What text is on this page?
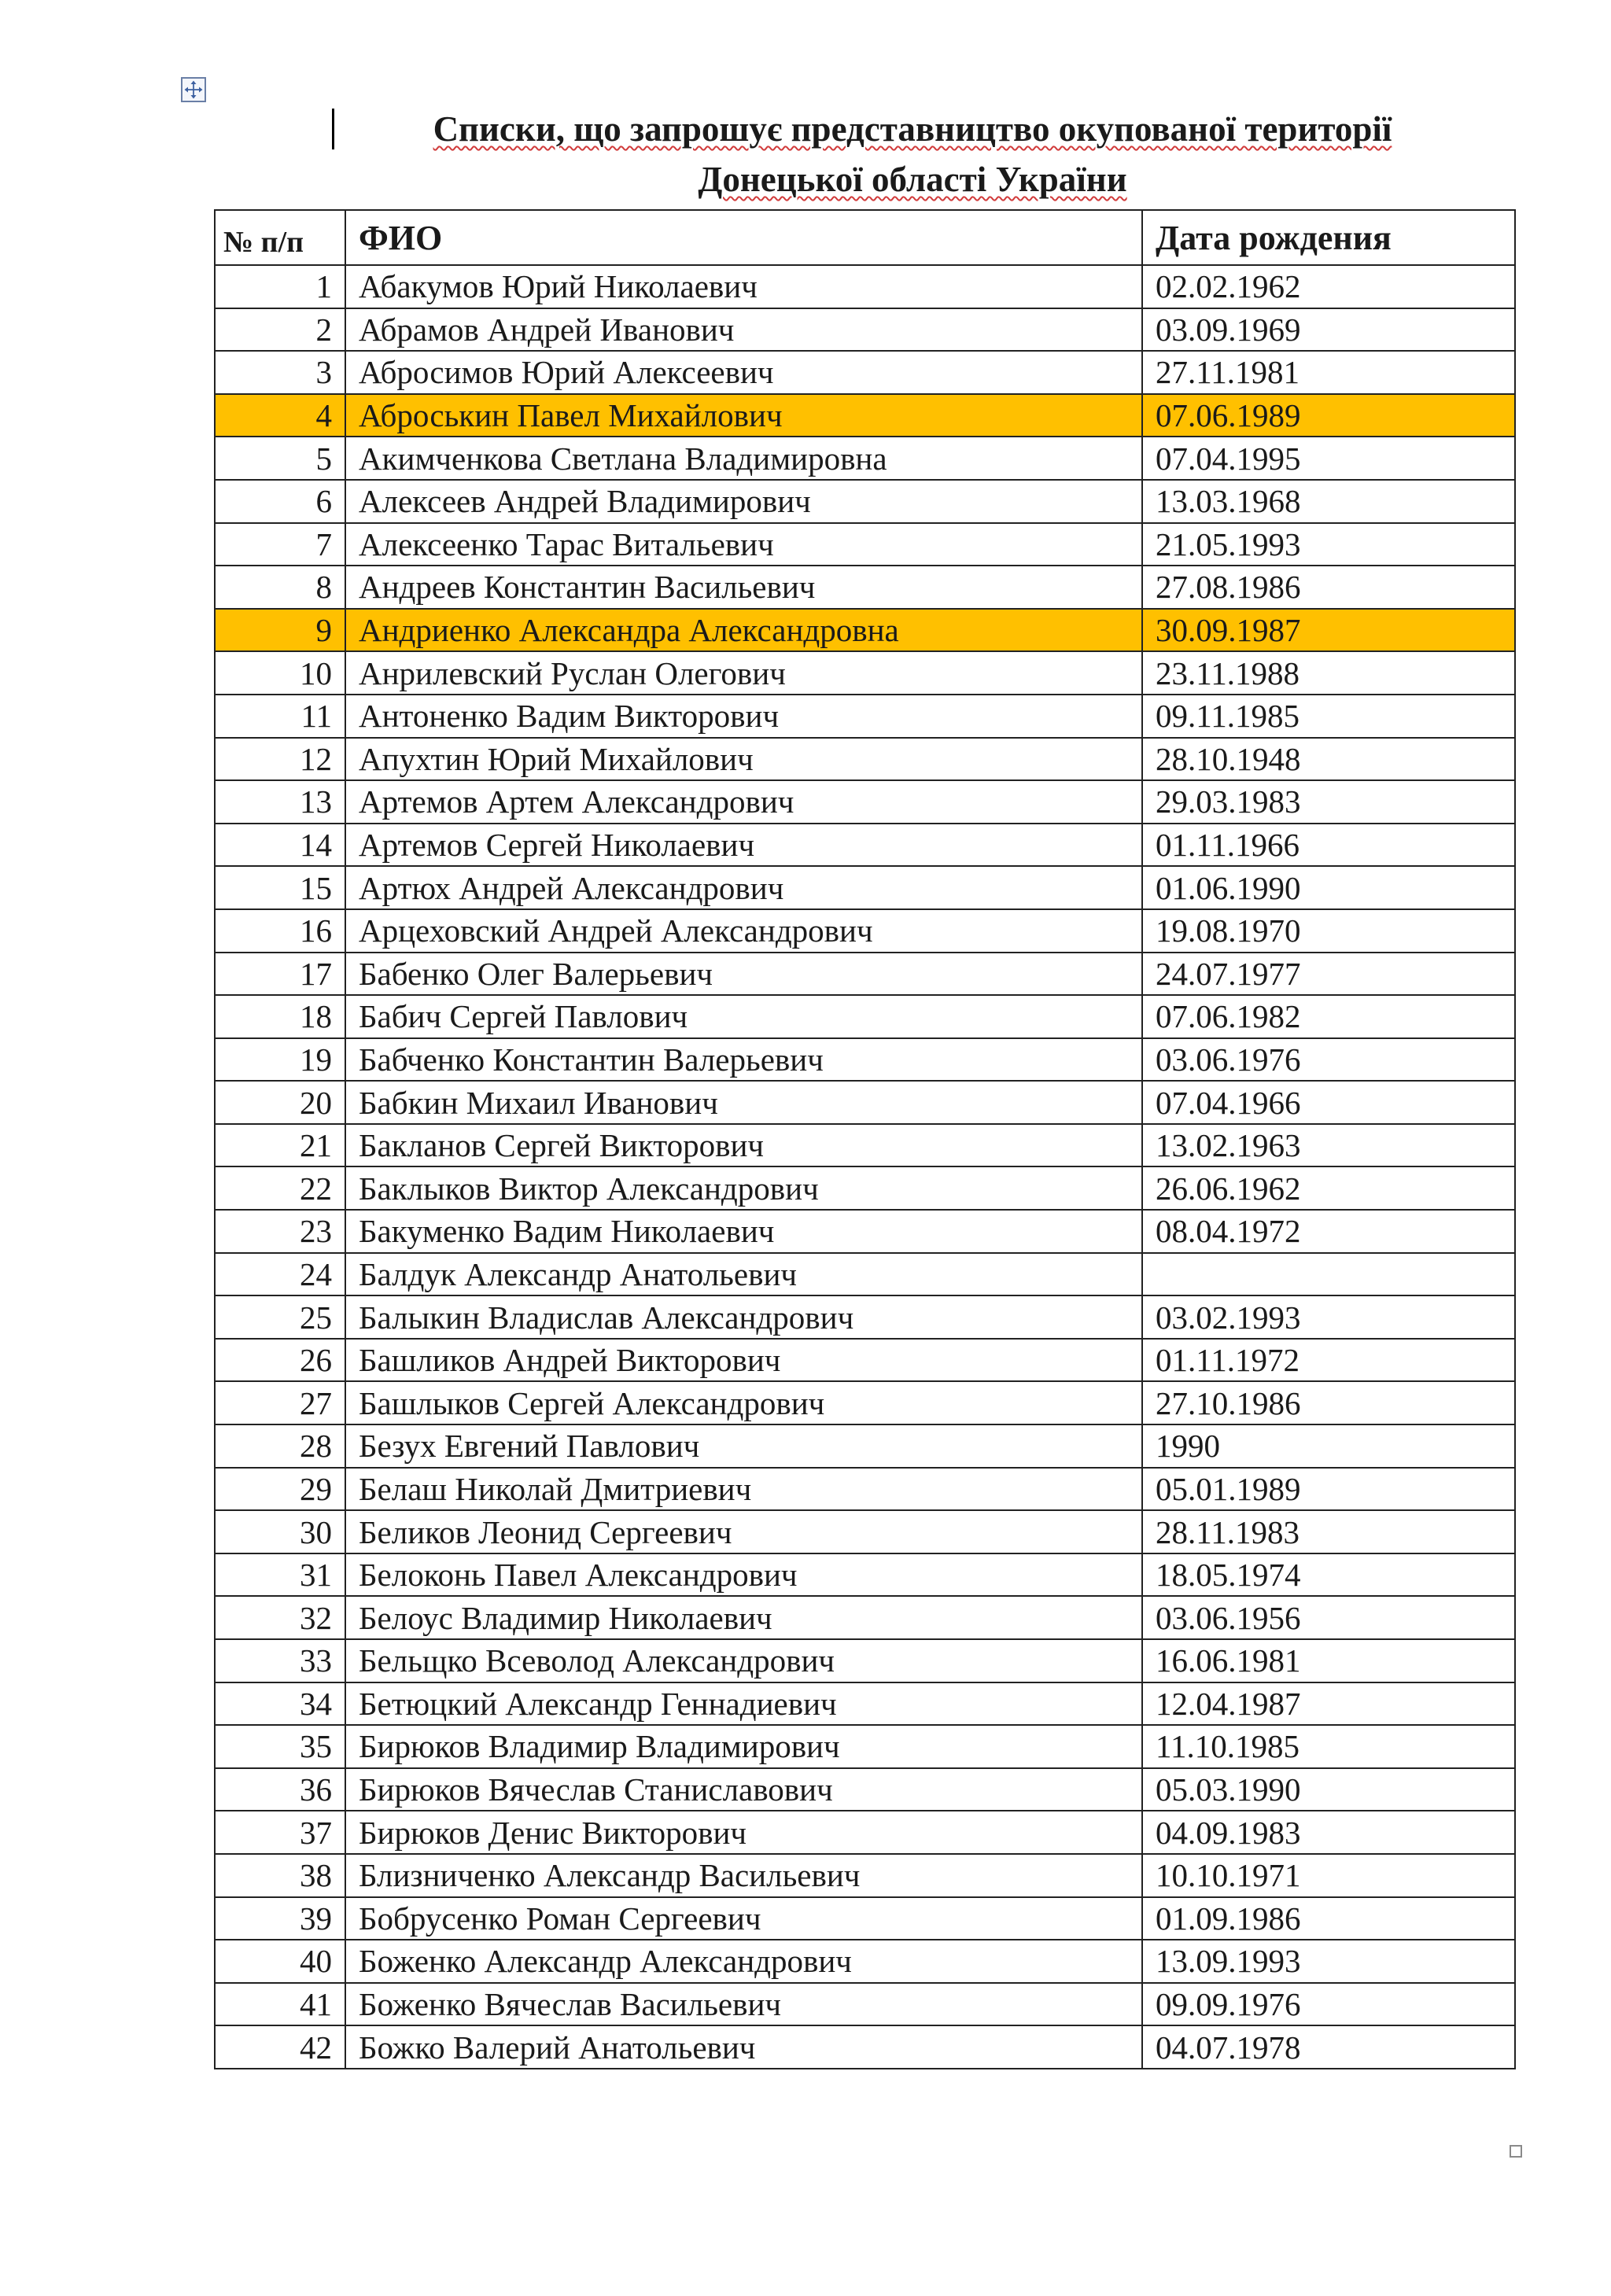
Списки, що запрошує представництво окупованої території
Донецької області України
№ п/п	ФИО	Дата рождения
1	Абакумов Юрий Николаевич	02.02.1962
2	Абрамов Андрей Иванович	03.09.1969
3	Абросимов Юрий Алексеевич	27.11.1981
4	Аброськин Павел Михайлович	07.06.1989
5	Акимченкова Светлана Владимировна	07.04.1995
6	Алексеев Андрей Владимирович	13.03.1968
7	Алексеенко Тарас Витальевич	21.05.1993
8	Андреев Константин Васильевич	27.08.1986
9	Андриенко Александра Александровна	30.09.1987
10	Анрилевский Руслан Олегович	23.11.1988
11	Антоненко Вадим Викторович	09.11.1985
12	Апухтин Юрий Михайлович	28.10.1948
13	Артемов Артем Александрович	29.03.1983
14	Артемов Сергей Николаевич	01.11.1966
15	Артюх Андрей Александрович	01.06.1990
16	Арцеховский Андрей Александрович	19.08.1970
17	Бабенко Олег Валерьевич	24.07.1977
18	Бабич Сергей Павлович	07.06.1982
19	Бабченко Константин Валерьевич	03.06.1976
20	Бабкин Михаил Иванович	07.04.1966
21	Бакланов Сергей Викторович	13.02.1963
22	Баклыков Виктор Александрович	26.06.1962
23	Бакуменко Вадим Николаевич	08.04.1972
24	Балдук Александр Анатольевич	
25	Балыкин Владислав Александрович	03.02.1993
26	Башликов Андрей Викторович	01.11.1972
27	Башлыков Сергей Александрович	27.10.1986
28	Безух Евгений Павлович	1990
29	Белаш Николай Дмитриевич	05.01.1989
30	Беликов Леонид Сергеевич	28.11.1983
31	Белоконь Павел Александрович	18.05.1974
32	Белоус Владимир Николаевич	03.06.1956
33	Бельщко Всеволод Александрович	16.06.1981
34	Бетюцкий Александр Геннадиевич	12.04.1987
35	Бирюков Владимир Владимирович	11.10.1985
36	Бирюков Вячеслав Станиславович	05.03.1990
37	Бирюков Денис Викторович	04.09.1983
38	Близниченко Александр Васильевич	10.10.1971
39	Бобрусенко Роман Сергеевич	01.09.1986
40	Боженко Александр Александрович	13.09.1993
41	Боженко Вячеслав Васильевич	09.09.1976
42	Божко Валерий Анатольевич	04.07.1978
